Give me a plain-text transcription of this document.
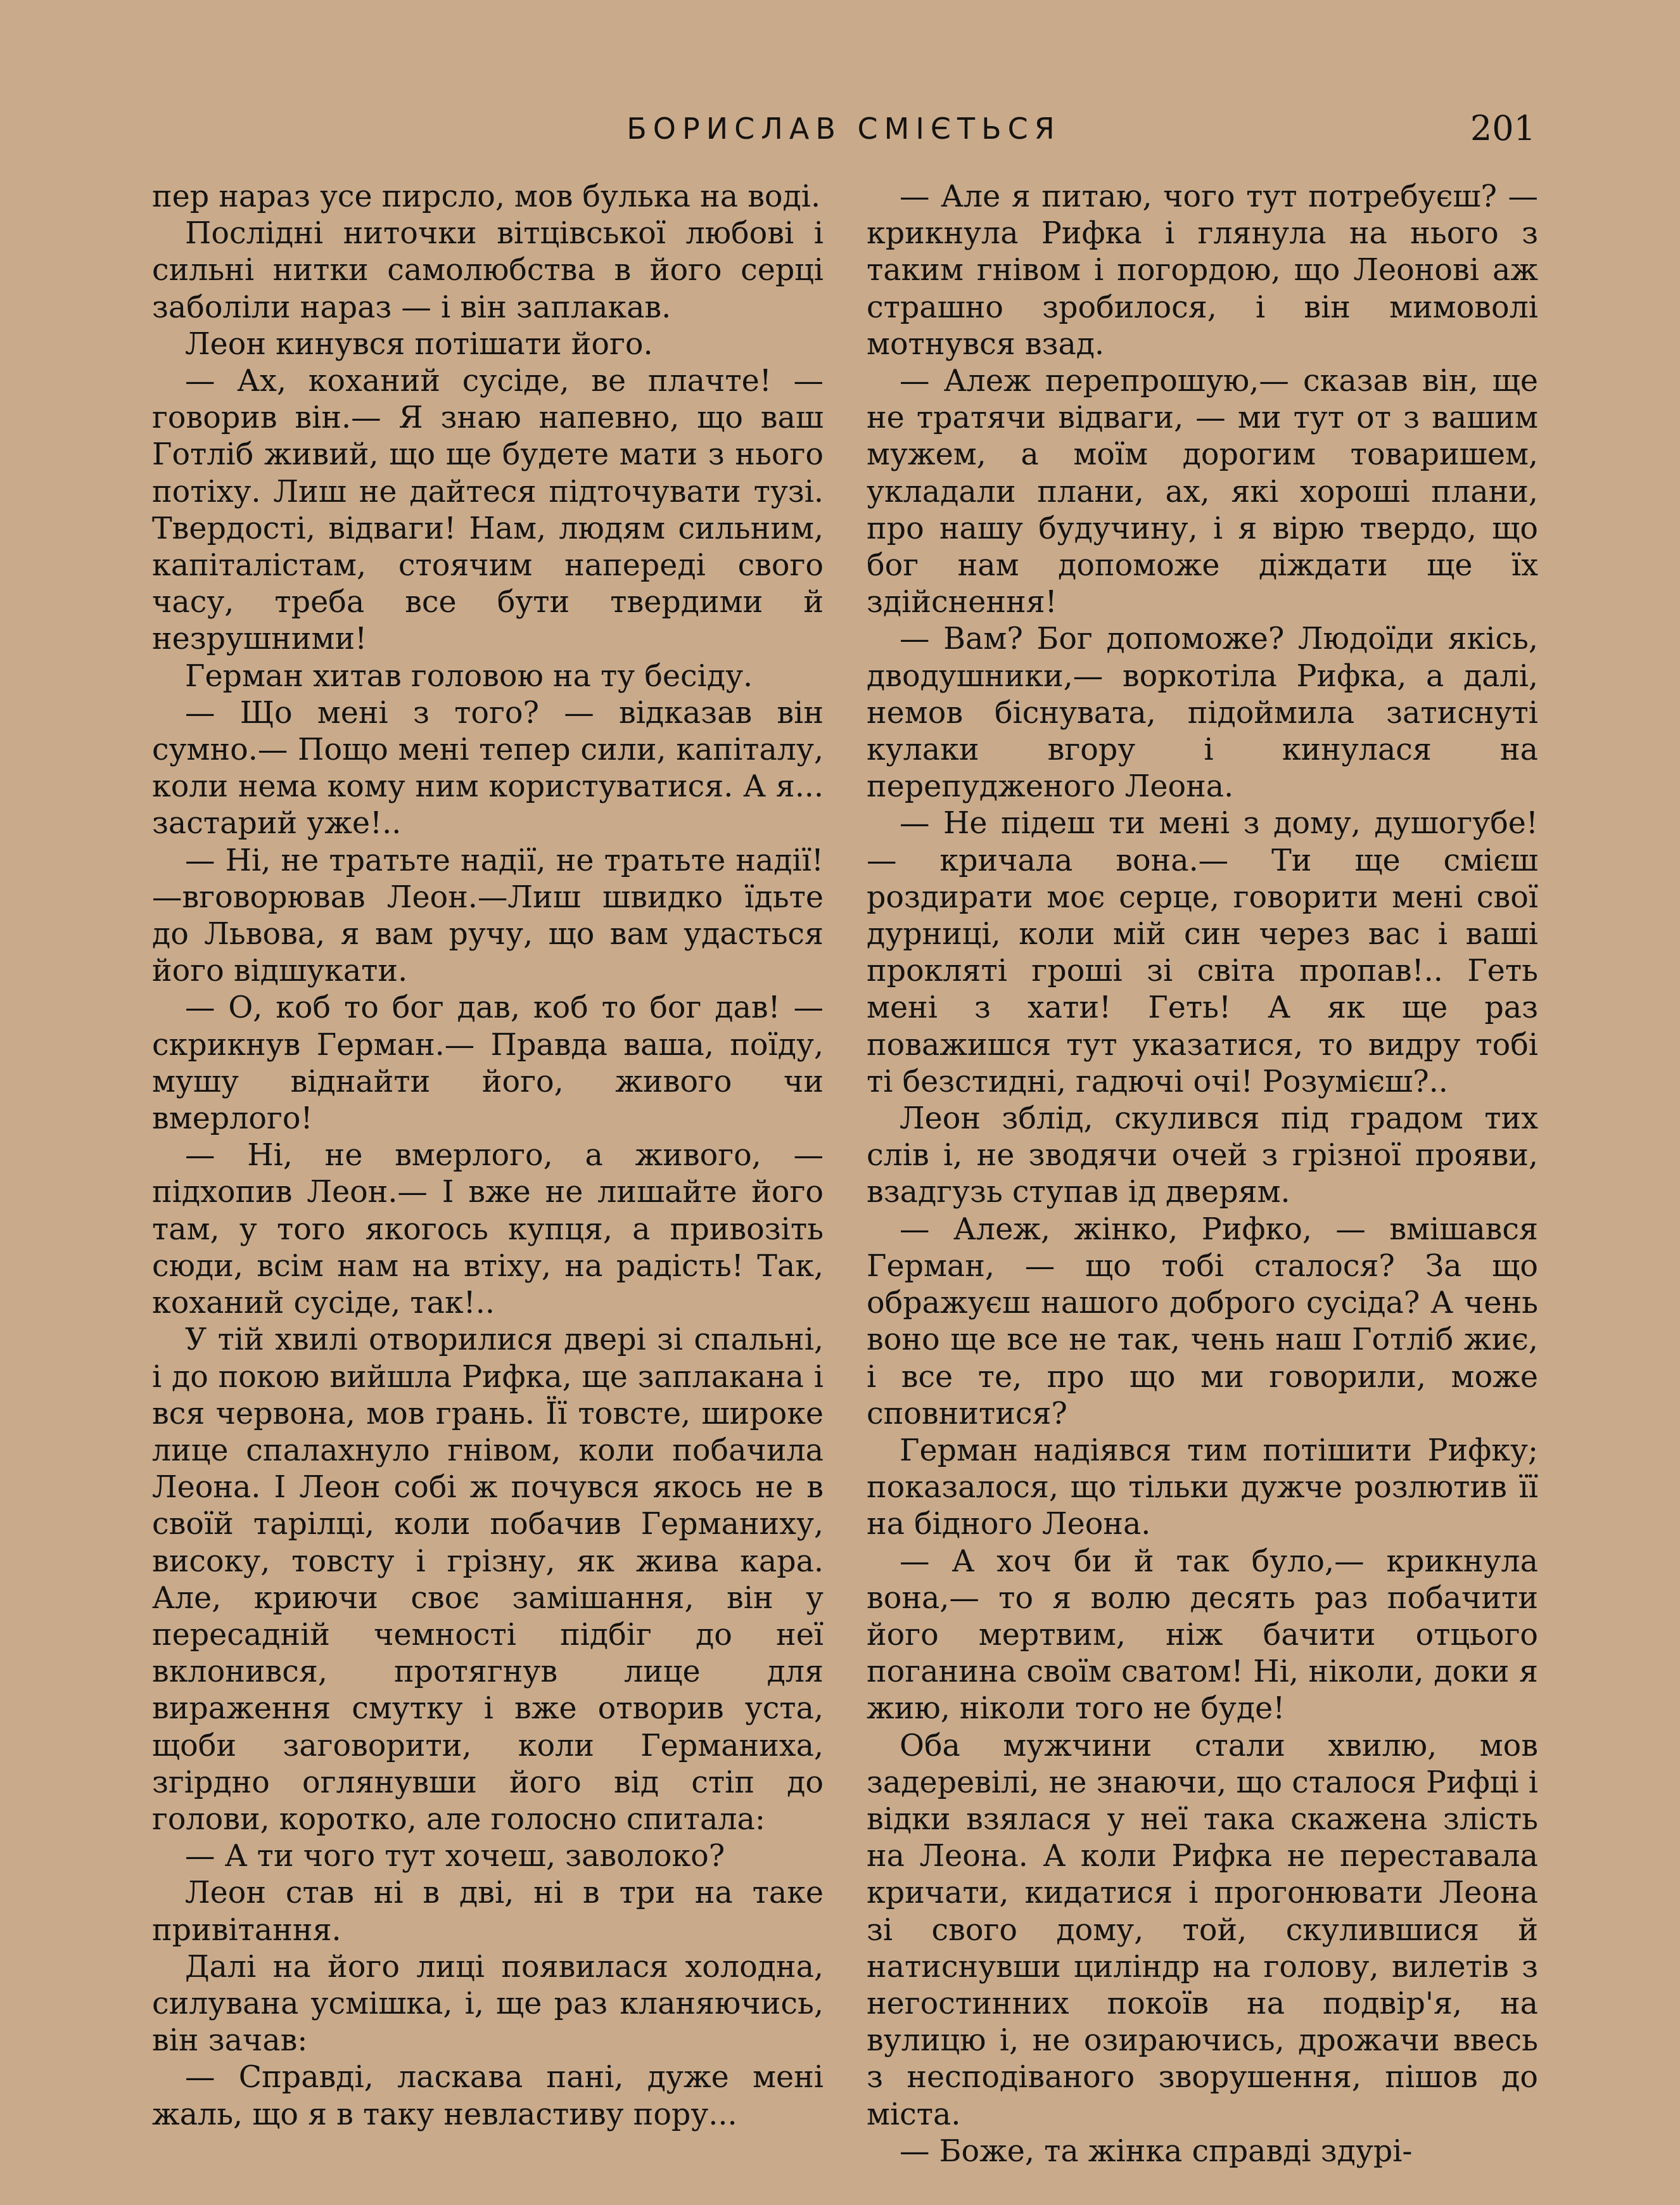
БОРИСЛАВ СМІЄТЬСЯ	201

пер нараз усе пирсло, мов булька на воді.

Послідні ниточки вітцівської любові і сильні нитки самолюбства в його серці заболіли нараз — і він заплакав.

Леон кинувся потішати його.

— Ах, коханий сусіде, ве плачте! — говорив він.— Я знаю напевно, що ваш Готліб живий, що ще будете мати з нього потіху. Лиш не дайтеся підточувати тузі. Твердості, відваги! Нам, людям сильним, капіталістам, стоячим напереді свого часу, треба все бути твердими й незрушними!

Герман хитав головою на ту бесіду.

— Що мені з того? — відказав він сумно.— Пощо мені тепер сили, капіталу, коли нема кому ним користуватися. А я... застарий уже!..

— Ні, не тратьте надії, не тратьте надії!—вговорював Леон.—Лиш швидко їдьте до Львова, я вам ручу, що вам удасться його відшукати.

— О, коб то бог дав, коб то бог дав! — скрикнув Герман.— Правда ваша, поїду, мушу віднайти його, живого чи вмерлого!

— Ні, не вмерлого, а живого, — підхопив Леон.— І вже не лишайте його там, у того якогось купця, а привозіть сюди, всім нам на втіху, на радість! Так, коханий сусіде, так!..

У тій хвилі отворилися двері зі спальні, і до покою вийшла Рифка, ще заплакана і вся червона, мов грань. Її товсте, широке лице спалахнуло гнівом, коли побачила Леона. І Леон собі ж почувся якось не в своїй тарілці, коли побачив Германиху, високу, товсту і грізну, як жива кара. Але, криючи своє замішання, він у пересадній чемності підбіг до неї вклонився, протягнув лице для вираження смутку і вже отворив уста, щоби заговорити, коли Германиха, згірдно оглянувши його від стіп до голови, коротко, але голосно спитала:

— А ти чого тут хочеш, заволоко?

Леон став ні в дві, ні в три на таке привітання.

Далі на його лиці появилася холодна, силувана усмішка, і, ще раз кланяючись, він зачав:

— Справді, ласкава пані, дуже мені жаль, що я в таку невластиву пору...

— Але я питаю, чого тут потребуєш? — крикнула Рифка і глянула на нього з таким гнівом і погордою, що Леонові аж страшно зробилося, і він мимоволі мотнувся взад.

— Алеж перепрошую,— сказав він, ще не тратячи відваги, — ми тут от з вашим мужем, а моїм дорогим товаришем, укладали плани, ах, які хороші плани, про нашу будучину, і я вірю твердо, що бог нам допоможе діждати ще їх здійснення!

— Вам? Бог допоможе? Людоїди якісь, дводушники,— воркотіла Рифка, а далі, немов біснувата, підоймила затиснуті кулаки вгору і кинулася на перепудженого Леона.

— Не підеш ти мені з дому, душогубе!— кричала вона.— Ти ще смієш роздирати моє серце, говорити мені свої дурниці, коли мій син через вас і ваші прокляті гроші зі світа пропав!.. Геть мені з хати! Геть! А як ще раз поважишся тут указатися, то видру тобі ті безстидні, гадючі очі! Розумієш?..

Леон зблід, скулився під градом тих слів і, не зводячи очей з грізної прояви, взадгузь ступав ід дверям.

— Алеж, жінко, Рифко, — вмішався Герман, — що тобі сталося? За що ображуєш нашого доброго сусіда? А чень воно ще все не так, чень наш Готліб жиє, і все те, про що ми говорили, може сповнитися?

Герман надіявся тим потішити Рифку; показалося, що тільки дужче розлютив її на бідного Леона.

— А хоч би й так було,— крикнула вона,— то я волю десять раз побачити його мертвим, ніж бачити отцього поганина своїм сватом! Ні, ніколи, доки я жию, ніколи того не буде!

Оба мужчини стали хвилю, мов задеревілі, не знаючи, що сталося Рифці і відки взялася у неї така скажена злість на Леона. А коли Рифка не переставала кричати, кидатися і прогонювати Леона зі свого дому, той, скулившися й натиснувши циліндр на голову, вилетів з негостинних покоїв на подвір'я, на вулицю і, не озираючись, дрожачи ввесь з несподіваного зворушення, пішов до міста.

— Боже, та жінка справді здурі-
